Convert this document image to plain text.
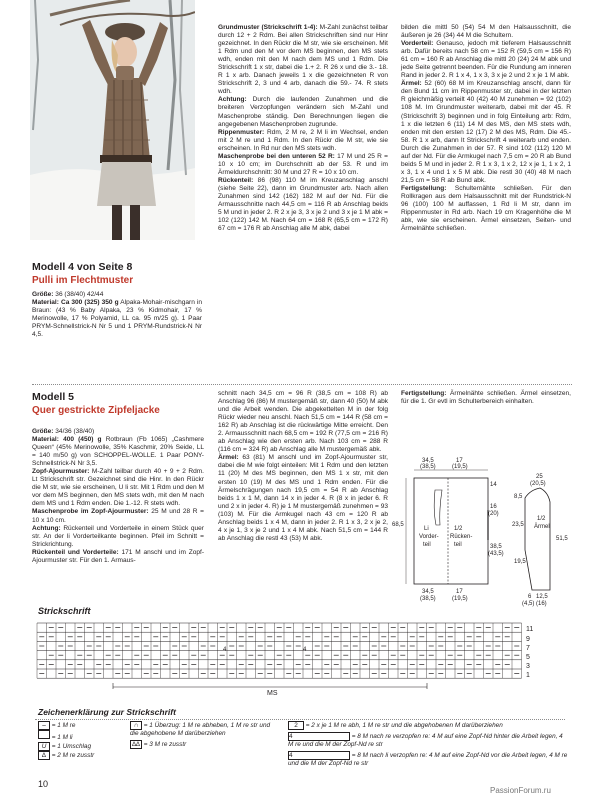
Modell 4 von Seite 8
Pulli im Flechtmuster

Größe: 36 (38/40) 42/44

Material: Ca 300 (325) 350 g Alpaka-Mohair-mischgarn in Braun: (43 % Baby Alpaka, 23 % Kidmohair, 17 % Merinowolle, 17 % Polyamid, LL ca. 95 m/25 g). 1 Paar PRYM-Schnellstrick-N Nr 5 und 1 PRYM-Rundstrick-N Nr 4,5.

Grundmuster (Strickschrift 1-4): M-Zahl zunächst teilbar durch 12 + 2 Rdm. Bei allen Strickschriften sind nur Hinr gezeichnet. In den Rückr die M str, wie sie erscheinen. Mit 1 Rdm und den M vor dem MS beginnen, den MS stets wdh, enden mit den M nach dem MS und 1 Rdm. Die Strickschrift 1 x str, dabei die 1.+ 2. R 26 x und die 3.- 18. R 1 x arb. Danach jeweils 1 x die gezeichneten R von Strickschrift 2, 3 und 4 arb, danach die 59.- 74. R stets wdh.

Achtung: Durch die laufenden Zunahmen und die breiteren Verzopfungen verändern sich M-Zahl und Maschenprobe ständig. Den Berechnungen liegen die angegebenen Maschenproben zugrunde.

Rippenmuster: Rdm, 2 M re, 2 M li im Wechsel, enden mit 2 M re und 1 Rdm. In den Rückr die M str, wie sie erscheinen. In Rd nur den MS stets wdh.

Maschenprobe bei den unteren 52 R: 17 M und 25 R = 10 x 10 cm; im Durchschnitt ab der 53. R und im Ärmeldurchschnitt: 30 M und 27 R = 10 x 10 cm.

Rückenteil: 86 (98) 110 M im Kreuzanschlag anschl (siehe Seite 22), dann im Grundmuster arb. Nach allen Zunahmen sind 142 (162) 182 M auf der Nd. Für die Armausschnitte nach 44,5 cm = 116 R ab Anschlag beids 5 M und in jeder 2. R 2 x je 3, 3 x je 2 und 3 x je 1 M abk = 102 (122) 142 M. Nach 64 cm = 168 R (65,5 cm = 172 R) 67 cm = 176 R ab Anschlag alle M abk, dabei

bilden die mittl 50 (54) 54 M den Halsausschnitt, die äußeren je 26 (34) 44 M die Schultern.

Vorderteil: Genauso, jedoch mit tieferem Halsausschnitt arb. Dafür bereits nach 58 cm = 152 R (59,5 cm = 156 R) 61 cm = 160 R ab Anschlag die mittl 20 (24) 24 M abk und jede Seite getrennt beenden. Für die Rundung am inneren Rand in jeder 2. R 1 x 4, 1 x 3, 3 x je 2 und 2 x je 1 M abk.

Ärmel: 52 (60) 68 M im Kreuzanschlag anschl, dann für den Bund 11 cm im Rippenmuster str, dabei in der letzten R gleichmäßig verteilt 40 (42) 40 M zunehmen = 92 (102) 108 M. Im Grundmuster weiterarb, dabei mit der 45. R (Strickschrift 3) beginnen und in folg Einteilung arb: Rdm, 1 x die letzten 6 (11) 14 M des MS, den MS stets wdh, enden mit den ersten 12 (17) 2 M des MS, Rdm. Die 45.- 58. R 1 x arb, dann It Strickschrift 4 weiterarb und enden. Durch die Zunahmen in der 57. R sind 102 (112) 120 M auf der Nd. Für die Armkugel nach 7,5 cm = 20 R ab Bund beids 5 M und in jeder 2. R 1 x 3, 1 x 2, 12 x je 1, 1 x 2, 1 x 3, 1 x 4 und 1 x 5 M abk. Die restl 30 (40) 48 M nach 21,5 cm = 58 R ab Bund abk.

Fertigstellung: Schulternähte schließen. Für den Rollkragen aus dem Halsausschnitt mit der Rundstrick-N 96 (100) 100 M auffassen, 1 Rd li M str, dann im Rippenmuster in Rd arb. Nach 19 cm Kragenhöhe die M abk, wie sie erscheinen. Ärmel einsetzen, Seiten- und Ärmelnähte schließen.

Modell 5
Quer gestrickte Zipfeljacke

Größe: 34/36 (38/40)

Material: 400 (450) g Rotbraun (Fb 1065) „Cashmere Queen“ (45% Merinowolle, 35% Kaschmir, 20% Seide, LL = 140 m/50 g) von SCHOPPEL-WOLLE. 1 Paar PONY-Schnellstrick-N Nr 3,5.

Zopf-Ajourmuster: M-Zahl teilbar durch 40 + 9 + 2 Rdm. Lt Strickschrift str. Gezeichnet sind die Hinr. In den Rückr die M str, wie sie erscheinen, U li str. Mit 1 Rdm und den M vor dem MS beginnen, den MS stets wdh, mit den M nach dem MS und 1 Rdm enden. Die 1.-12. R stets wdh.

Maschenprobe im Zopf-Ajourmuster: 25 M und 28 R = 10 x 10 cm.

Achtung: Rückenteil und Vorderteile in einem Stück quer str. An der li Vorderteilkante beginnen. Pfeil im Schnitt = Strickrichtung.

Rückenteil und Vorderteile: 171 M anschl und im Zopf-Ajourmuster str. Für den 1. Armaus-

schnitt nach 34,5 cm = 96 R (38,5 cm = 108 R) ab Anschlag 96 (86) M mustergemäß str, dann 40 (50) M abk und die Arbeit wenden. Die abgekettelten M in der folg Rückr wieder neu anschl. Nach 51,5 cm = 144 R (58 cm = 162 R) ab Anschlag ist die rückwärtige Mitte erreicht. Den 2. Armausschnitt nach 68,5 cm = 192 R (77,5 cm = 216 R) ab Anschlag wie den ersten arb. Nach 103 cm = 288 R (116 cm = 324 R) ab Anschlag alle M mustergemäß abk.

Ärmel: 63 (81) M anschl und im Zopf-Ajourmuster str, dabei die M wie folgt einteilen: Mit 1 Rdm und den letzten 11 (20) M des MS beginnen, den MS 1 x str, mit den ersten 10 (19) M des MS und 1 Rdm enden. Für die Ärmelschrägungen nach 19,5 cm = 54 R ab Anschlag beids 1 x 1 M, dann 14 x in jeder 4. R (8 x in jeder 6. R und 2 x in jeder 4. R) je 1 M mustergemäß zunehmen = 93 (103) M. Für die Armkugel nach 43 cm = 120 R ab Anschlag beids 1 x 4 M, dann in jeder 2. R 1 x 3, 2 x je 2, 4 x je 1, 3 x je 2 und 1 x 4 M abk. Nach 51,5 cm = 144 R ab Anschlag die restl 43 (53) M abk.

Fertigstellung: Ärmelnähte schließen. Ärmel einsetzen, für die 1. Gr evtl im Schulterbereich einhalten.

34,5
(38,5)
17
(19,5)
68,5
14
16
(20)
38,5
(43,5)
Li
Vorder-
teil
1/2
Rücken-
teil
34,5
(38,5)
17
(19,5)
25
(20,5)
8,5
23,5
19,5
51,5
1/2
Ärmel
6 12,5
(16)
(4,5)
Strickschrift
11
9
7
5
3
1
MS
4	4
Zeichenerklärung zur Strickschrift
– = 1 M re
= 1 M li
U = 1 Umschlag
∆ = 2 M re zusstr
∩ = 1 Überzug: 1 M re abheben, 1 M re str und die abgehobene M darüberziehen
∆∆ = 3 M re zusstr
2 = 2 x je 1 M re abh, 1 M re str und die abgehobenen M darüberziehen
4	= 8 M nach re verzopfen re: 4 M auf eine Zopf-Nd hinter die Arbeit legen, 4 M re und die M der Zopf-Nd re str
4	= 8 M nach li verzopfen re: 4 M auf eine Zopf-Nd vor die Arbeit legen, 4 M re und die M der Zopf-Nd re str
10
PassionForum.ru
